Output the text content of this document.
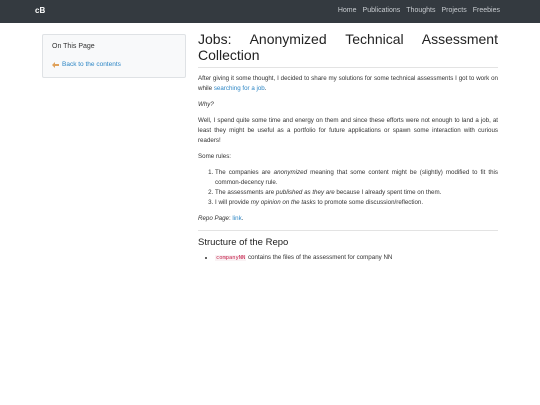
cB	Home Publications Thoughts Projects Freebies
On This Page
Back to the contents
Jobs: Anonymized Technical Assessment Collection

After giving it some thought, I decided to share my solutions for some technical assessments I got to work on while searching for a job.

Why?

Well, I spend quite some time and energy on them and since these efforts were not enough to land a job, at least they might be useful as a portfolio for future applications or spawn some interaction with curious readers!

Some rules:

1. The companies are anonymized meaning that some content might be (slightly) modified to fit this common-decency rule.
2. The assessments are published as they are because I already spent time on them.
3. I will provide my opinion on the tasks to promote some discussion/reflection.

Repo Page: link.

Structure of the Repo
• companyNN contains the files of the assessment for company NN
